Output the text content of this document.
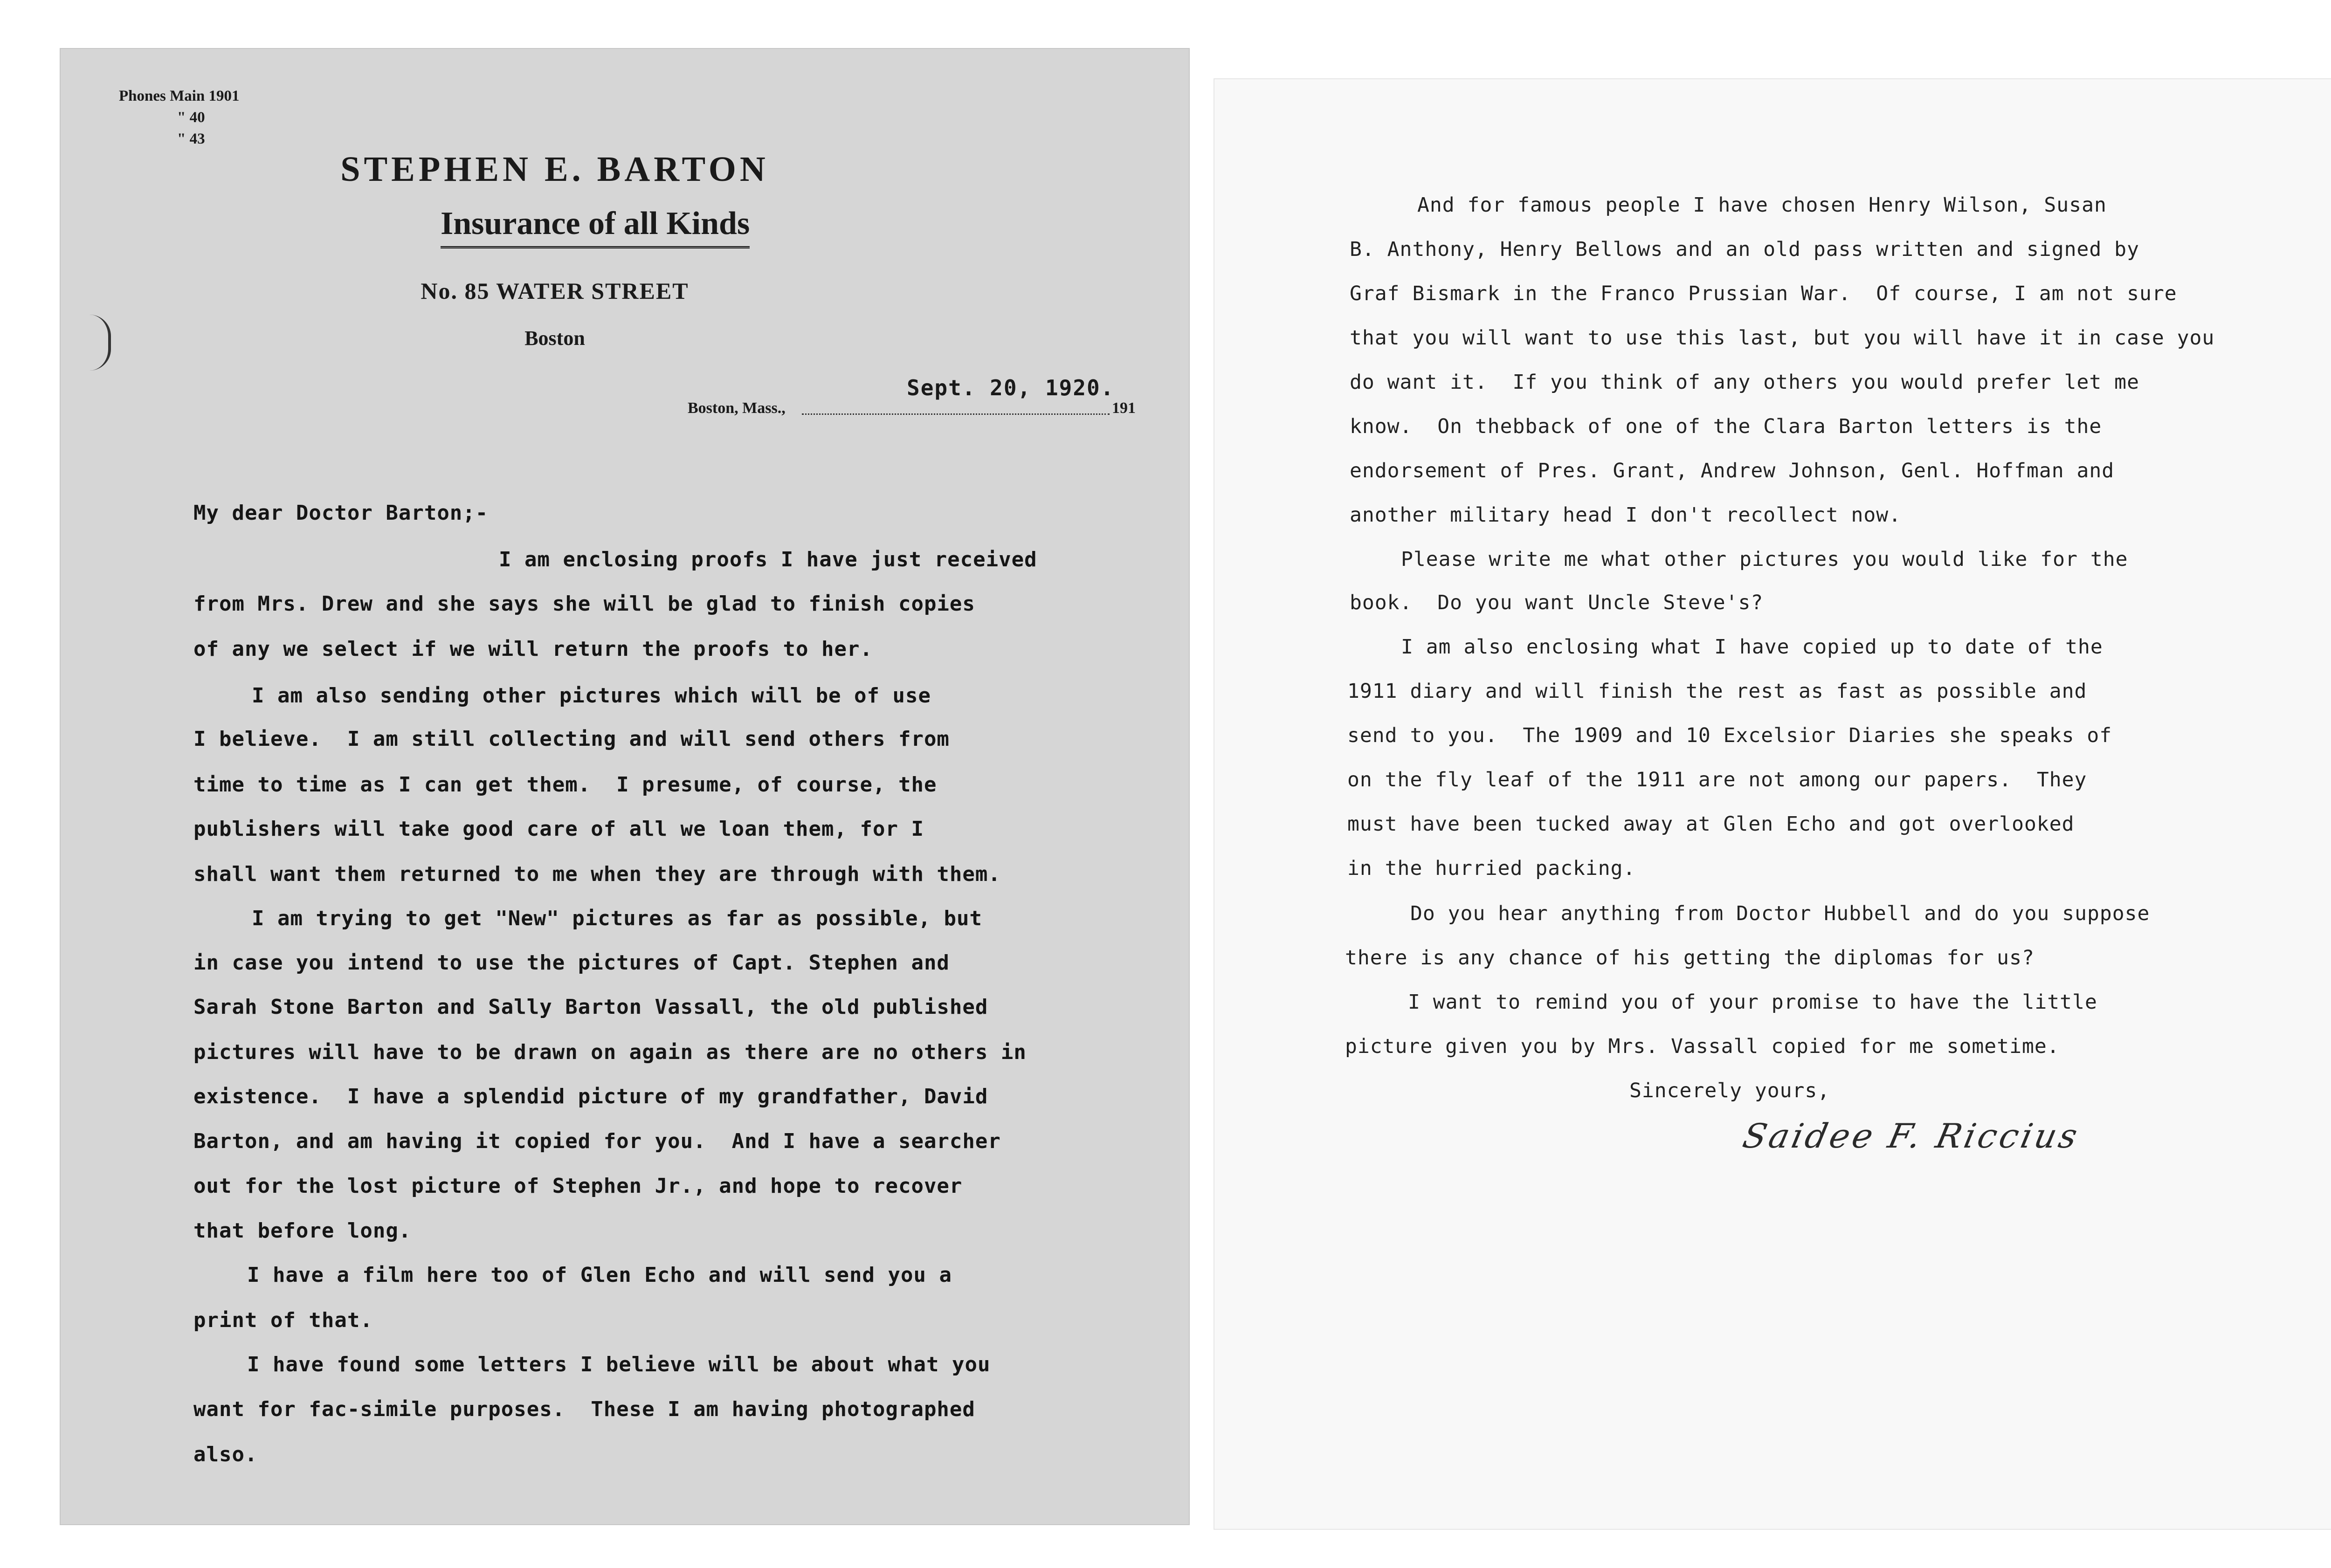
Phones Main 1901
" 40
" 43
STEPHEN E. BARTON
Insurance of all Kinds
No. 85 WATER STREET
Boston
Boston, Mass.,
Sept. 20, 1920.
191
My dear Doctor Barton;-
I am enclosing proofs I have just received
from Mrs. Drew and she says she will be glad to finish copies
of any we select if we will return the proofs to her.
I am also sending other pictures which will be of use
I believe.  I am still collecting and will send others from
time to time as I can get them.  I presume, of course, the
publishers will take good care of all we loan them, for I
shall want them returned to me when they are through with them.
I am trying to get "New" pictures as far as possible, but
in case you intend to use the pictures of Capt. Stephen and
Sarah Stone Barton and Sally Barton Vassall, the old published
pictures will have to be drawn on again as there are no others in
existence.  I have a splendid picture of my grandfather, David
Barton, and am having it copied for you.  And I have a searcher
out for the lost picture of Stephen Jr., and hope to recover
that before long.
I have a film here too of Glen Echo and will send you a
print of that.
I have found some letters I believe will be about what you
want for fac-simile purposes.  These I am having photographed
also.
And for famous people I have chosen Henry Wilson, Susan
B. Anthony, Henry Bellows and an old pass written and signed by
Graf Bismark in the Franco Prussian War.  Of course, I am not sure
that you will want to use this last, but you will have it in case you
do want it.  If you think of any others you would prefer let me
know.  On thebback of one of the Clara Barton letters is the
endorsement of Pres. Grant, Andrew Johnson, Genl. Hoffman and
another military head I don't recollect now.
Please write me what other pictures you would like for the
book.  Do you want Uncle Steve's?
I am also enclosing what I have copied up to date of the
1911 diary and will finish the rest as fast as possible and
send to you.  The 1909 and 10 Excelsior Diaries she speaks of
on the fly leaf of the 1911 are not among our papers.  They
must have been tucked away at Glen Echo and got overlooked
in the hurried packing.
Do you hear anything from Doctor Hubbell and do you suppose
there is any chance of his getting the diplomas for us?
I want to remind you of your promise to have the little
picture given you by Mrs. Vassall copied for me sometime.
Sincerely yours,
Saidee F. Riccius
